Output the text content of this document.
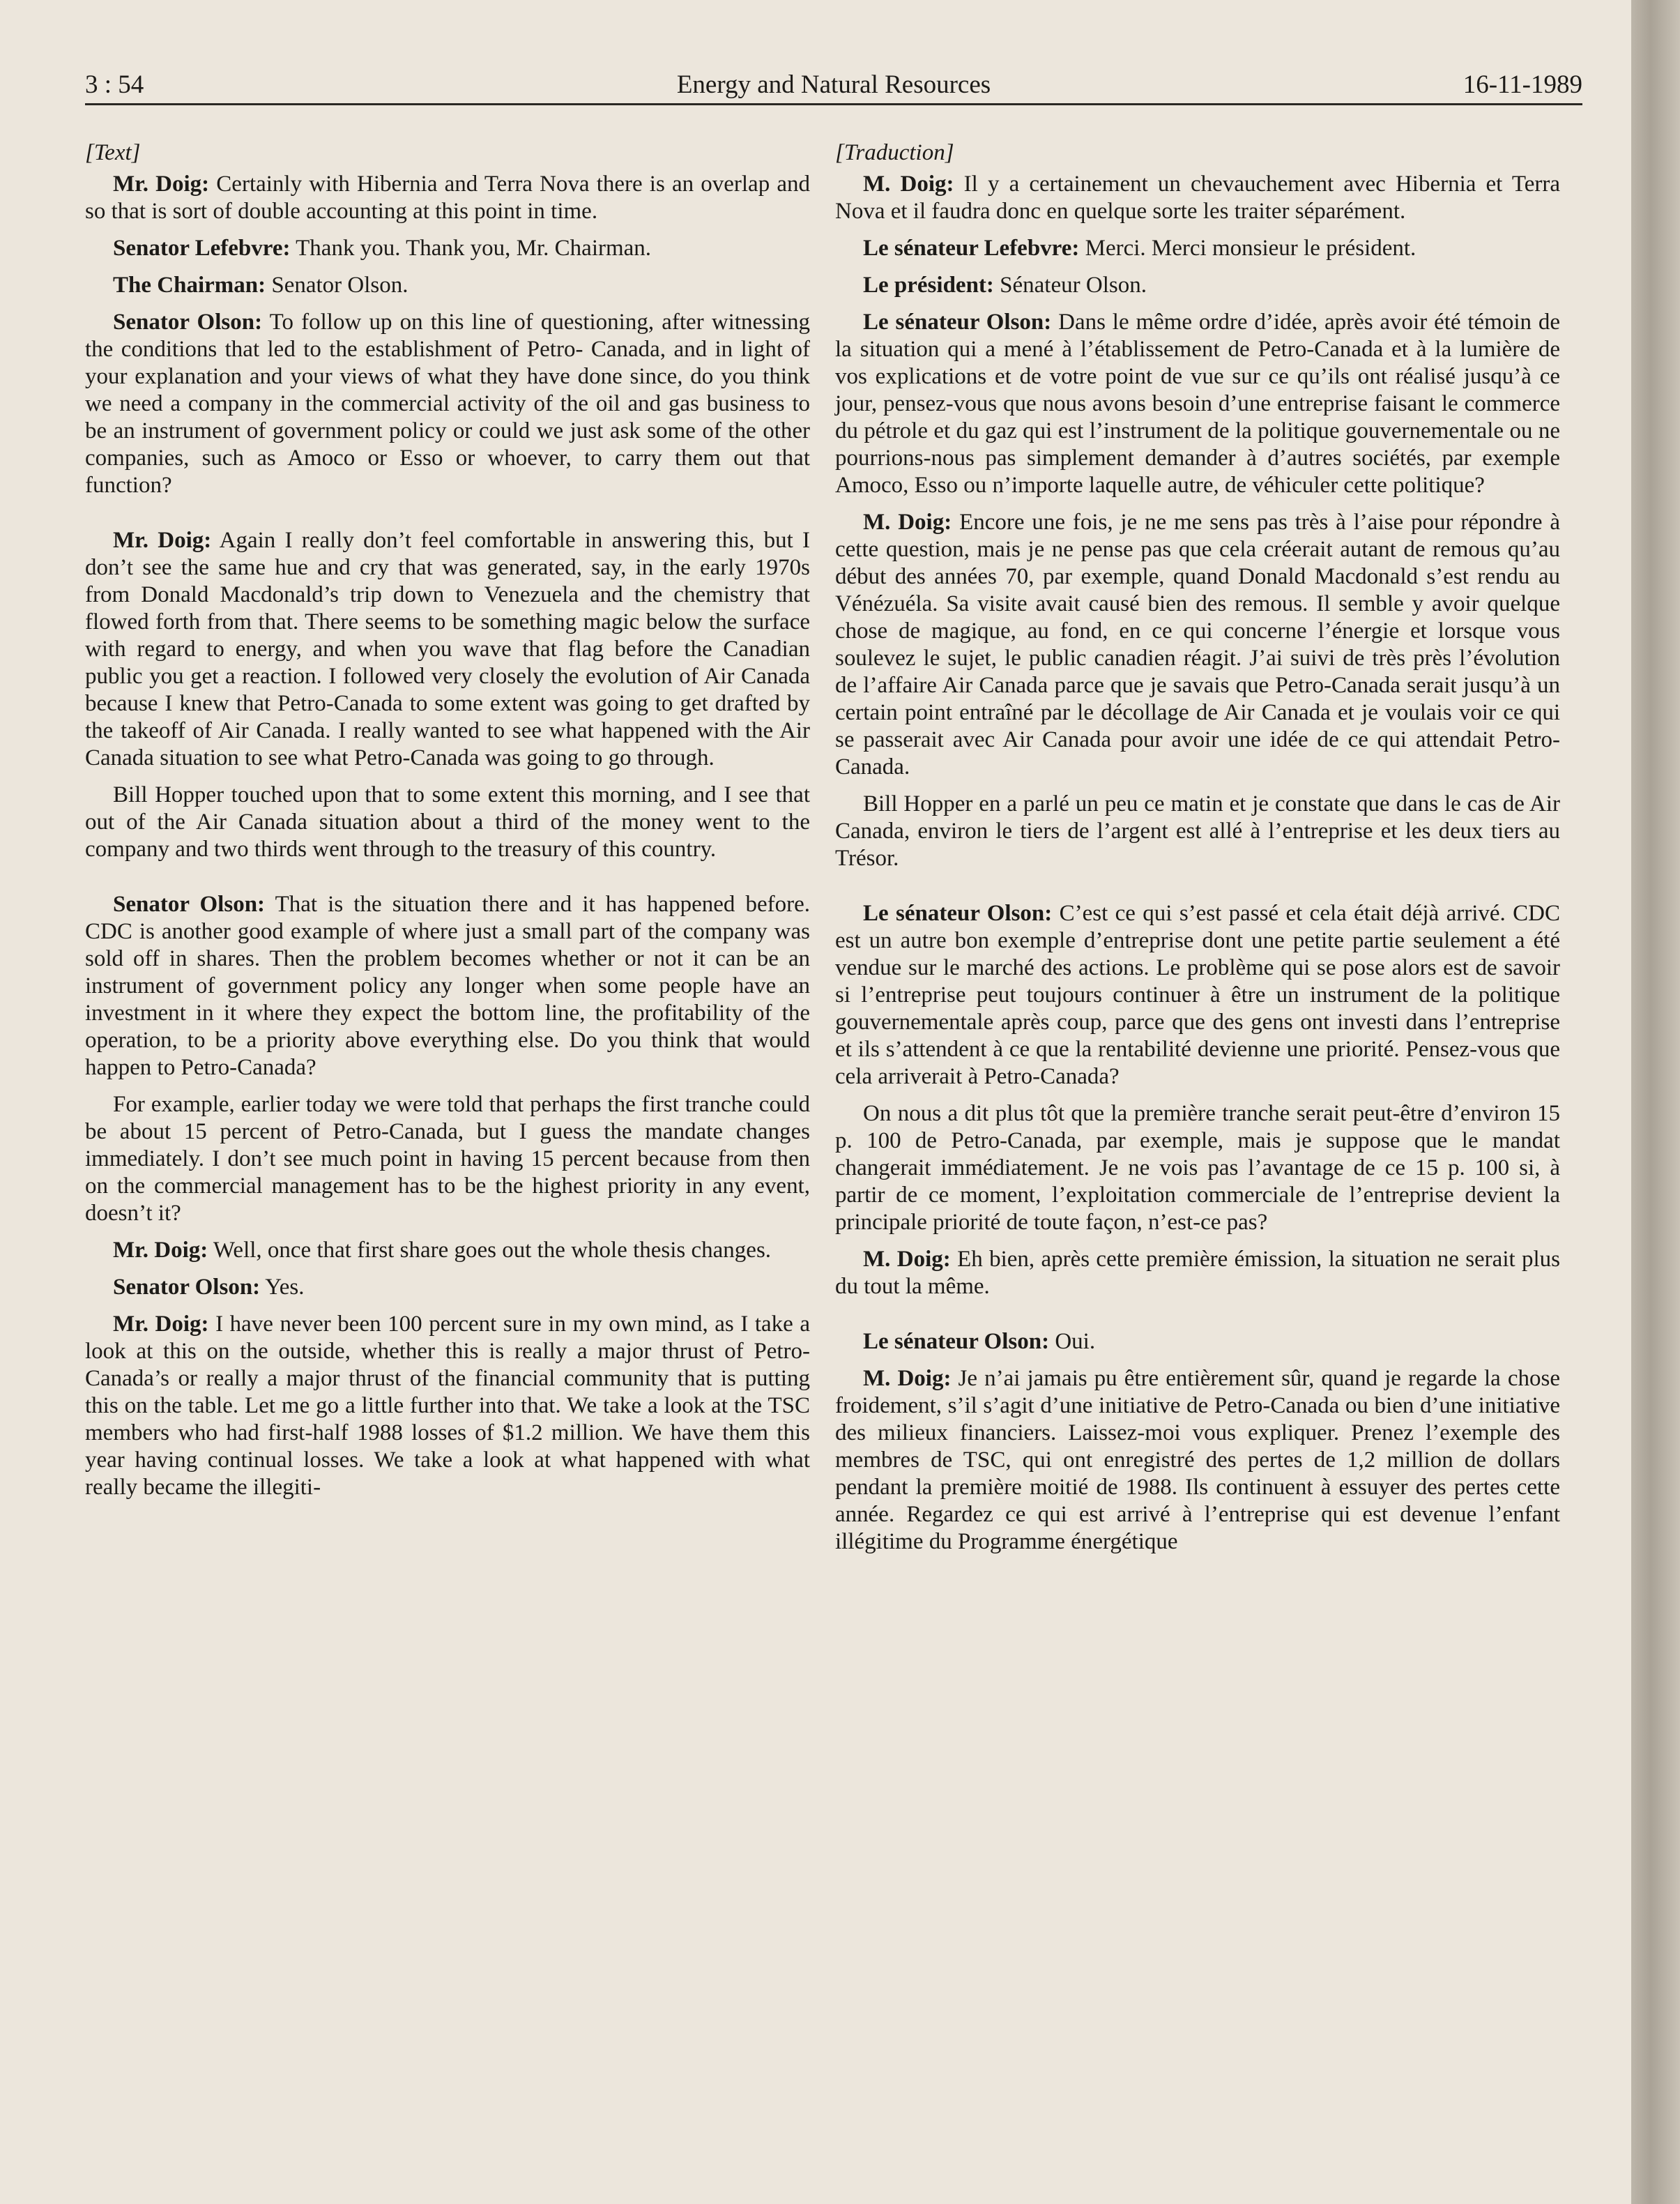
3 : 54	Energy and Natural Resources	16-11-1989

[Text]

Mr. Doig: Certainly with Hibernia and Terra Nova there is an overlap and so that is sort of double accounting at this point in time.

Senator Lefebvre: Thank you. Thank you, Mr. Chairman.

The Chairman: Senator Olson.

Senator Olson: To follow up on this line of questioning, after witnessing the conditions that led to the establishment of Petro- Canada, and in light of your explanation and your views of what they have done since, do you think we need a company in the commercial activity of the oil and gas business to be an instrument of government policy or could we just ask some of the other companies, such as Amoco or Esso or whoever, to carry them out that function?

Mr. Doig: Again I really don’t feel comfortable in answering this, but I don’t see the same hue and cry that was generated, say, in the early 1970s from Donald Macdonald’s trip down to Venezuela and the chemistry that flowed forth from that. There seems to be something magic below the surface with regard to energy, and when you wave that flag before the Canadian public you get a reaction. I followed very closely the evolution of Air Canada because I knew that Petro-Canada to some extent was going to get drafted by the takeoff of Air Canada. I really wanted to see what happened with the Air Canada situation to see what Petro-Canada was going to go through.

Bill Hopper touched upon that to some extent this morning, and I see that out of the Air Canada situation about a third of the money went to the company and two thirds went through to the treasury of this country.

Senator Olson: That is the situation there and it has happened before. CDC is another good example of where just a small part of the company was sold off in shares. Then the problem becomes whether or not it can be an instrument of government policy any longer when some people have an investment in it where they expect the bottom line, the profitability of the operation, to be a priority above everything else. Do you think that would happen to Petro-Canada?

For example, earlier today we were told that perhaps the first tranche could be about 15 percent of Petro-Canada, but I guess the mandate changes immediately. I don’t see much point in having 15 percent because from then on the commercial management has to be the highest priority in any event, doesn’t it?

Mr. Doig: Well, once that first share goes out the whole thesis changes.

Senator Olson: Yes.

Mr. Doig: I have never been 100 percent sure in my own mind, as I take a look at this on the outside, whether this is really a major thrust of Petro-Canada’s or really a major thrust of the financial community that is putting this on the table. Let me go a little further into that. We take a look at the TSC members who had first-half 1988 losses of $1.2 million. We have them this year having continual losses. We take a look at what happened with what really became the illegiti-

[Traduction]

M. Doig: Il y a certainement un chevauchement avec Hibernia et Terra Nova et il faudra donc en quelque sorte les traiter séparément.

Le sénateur Lefebvre: Merci. Merci monsieur le président.

Le président: Sénateur Olson.

Le sénateur Olson: Dans le même ordre d’idée, après avoir été témoin de la situation qui a mené à l’établissement de Petro-Canada et à la lumière de vos explications et de votre point de vue sur ce qu’ils ont réalisé jusqu’à ce jour, pensez-vous que nous avons besoin d’une entreprise faisant le commerce du pétrole et du gaz qui est l’instrument de la politique gouvernementale ou ne pourrions-nous pas simplement demander à d’autres sociétés, par exemple Amoco, Esso ou n’importe laquelle autre, de véhiculer cette politique?

M. Doig: Encore une fois, je ne me sens pas très à l’aise pour répondre à cette question, mais je ne pense pas que cela créerait autant de remous qu’au début des années 70, par exemple, quand Donald Macdonald s’est rendu au Vénézuéla. Sa visite avait causé bien des remous. Il semble y avoir quelque chose de magique, au fond, en ce qui concerne l’énergie et lorsque vous soulevez le sujet, le public canadien réagit. J’ai suivi de très près l’évolution de l’affaire Air Canada parce que je savais que Petro-Canada serait jusqu’à un certain point entraîné par le décollage de Air Canada et je voulais voir ce qui se passerait avec Air Canada pour avoir une idée de ce qui attendait Petro-Canada.

Bill Hopper en a parlé un peu ce matin et je constate que dans le cas de Air Canada, environ le tiers de l’argent est allé à l’entreprise et les deux tiers au Trésor.

Le sénateur Olson: C’est ce qui s’est passé et cela était déjà arrivé. CDC est un autre bon exemple d’entreprise dont une petite partie seulement a été vendue sur le marché des actions. Le problème qui se pose alors est de savoir si l’entreprise peut toujours continuer à être un instrument de la politique gouvernementale après coup, parce que des gens ont investi dans l’entreprise et ils s’attendent à ce que la rentabilité devienne une priorité. Pensez-vous que cela arriverait à Petro-Canada?

On nous a dit plus tôt que la première tranche serait peut-être d’environ 15 p. 100 de Petro-Canada, par exemple, mais je suppose que le mandat changerait immédiatement. Je ne vois pas l’avantage de ce 15 p. 100 si, à partir de ce moment, l’exploitation commerciale de l’entreprise devient la principale priorité de toute façon, n’est-ce pas?

M. Doig: Eh bien, après cette première émission, la situation ne serait plus du tout la même.

Le sénateur Olson: Oui.

M. Doig: Je n’ai jamais pu être entièrement sûr, quand je regarde la chose froidement, s’il s’agit d’une initiative de Petro-Canada ou bien d’une initiative des milieux financiers. Laissez-moi vous expliquer. Prenez l’exemple des membres de TSC, qui ont enregistré des pertes de 1,2 million de dollars pendant la première moitié de 1988. Ils continuent à essuyer des pertes cette année. Regardez ce qui est arrivé à l’entreprise qui est devenue l’enfant illégitime du Programme énergétique
